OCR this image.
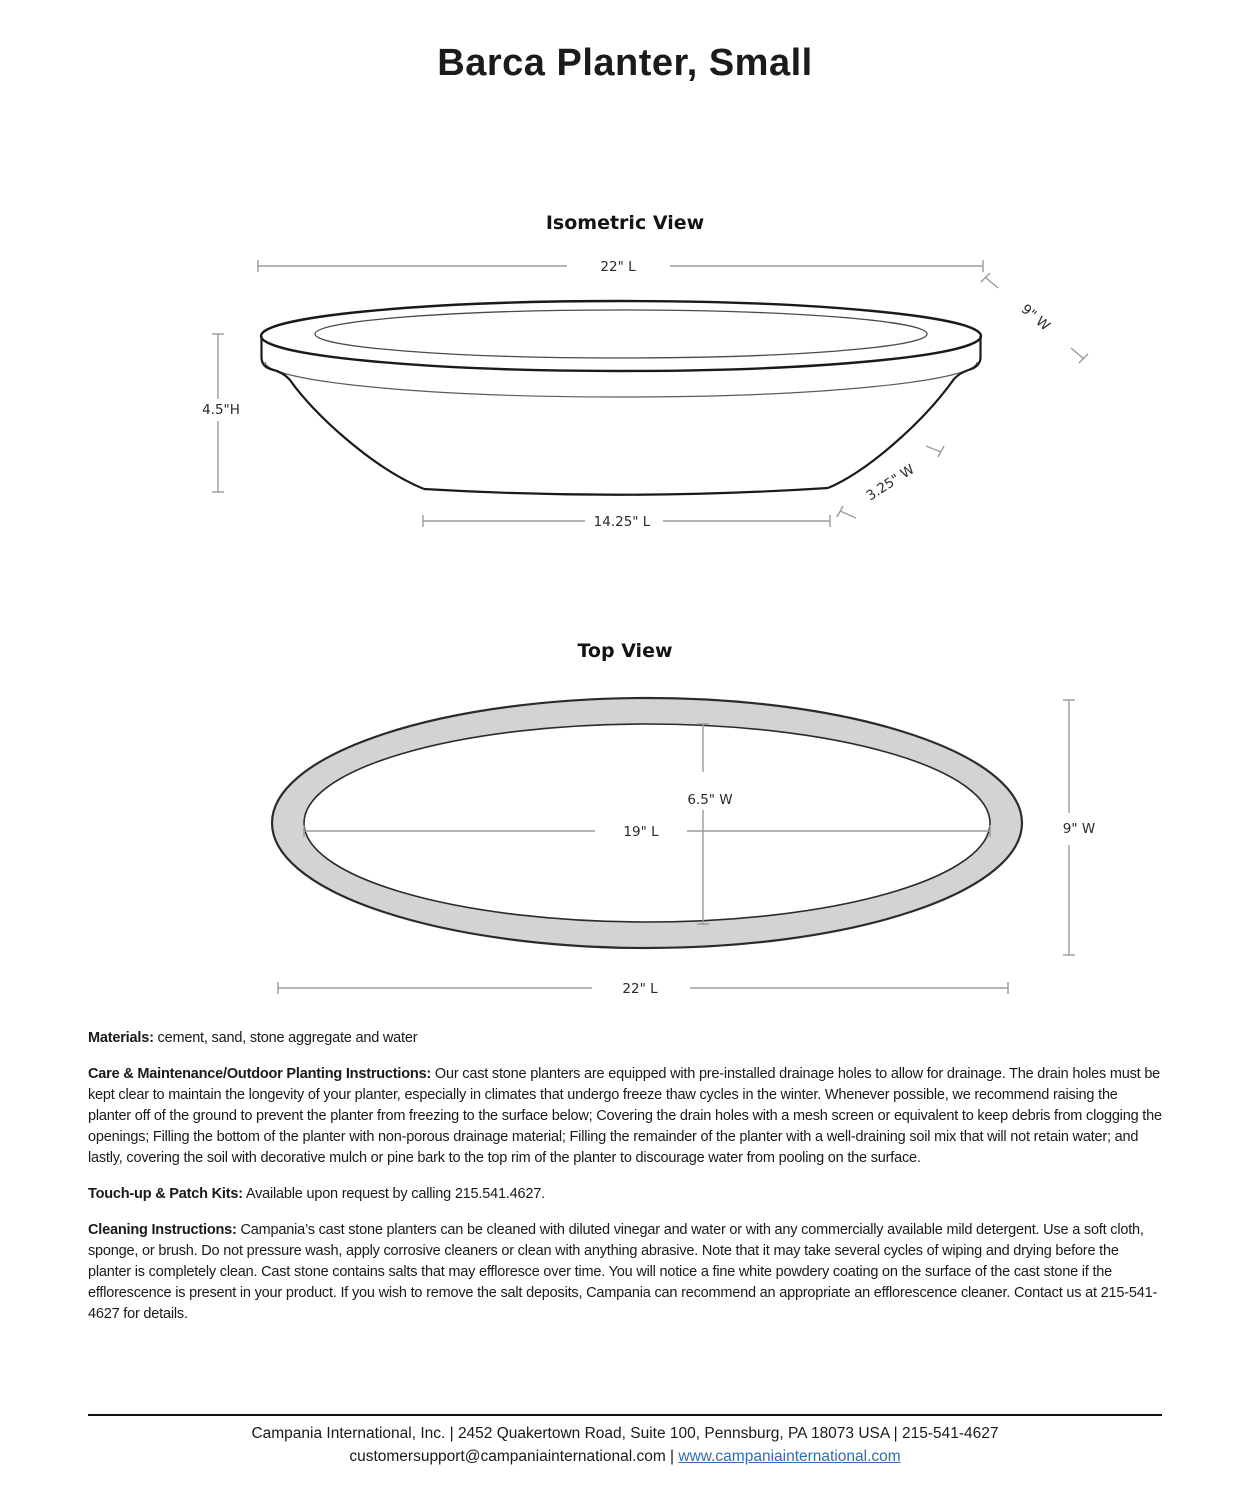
Barca Planter, Small
Isometric View
Top View
22" L
4.5"H
14.25" L
9" W
3.25" W
6.5" W
19" L	9" W
22" L

Materials: cement, sand, stone aggregate and water

Care & Maintenance/Outdoor Planting Instructions: Our cast stone planters are equipped with pre-installed drainage holes to allow for drainage. The drain holes must be kept clear to maintain the longevity of your planter, especially in climates that undergo freeze thaw cycles in the winter. Whenever possible, we recommend raising the planter off of the ground to prevent the planter from freezing to the surface below; Covering the drain holes with a mesh screen or equivalent to keep debris from clogging the openings; Filling the bottom of the planter with non-porous drainage material; Filling the remainder of the planter with a well-draining soil mix that will not retain water; and lastly, covering the soil with decorative mulch or pine bark to the top rim of the planter to discourage water from pooling on the surface.

Touch-up & Patch Kits: Available upon request by calling 215.541.4627.

Cleaning Instructions: Campania’s cast stone planters can be cleaned with diluted vinegar and water or with any commercially available mild detergent. Use a soft cloth, sponge, or brush. Do not pressure wash, apply corrosive cleaners or clean with anything abrasive. Note that it may take several cycles of wiping and drying before the planter is completely clean. Cast stone contains salts that may effloresce over time. You will notice a fine white powdery coating on the surface of the cast stone if the efflorescence is present in your product. If you wish to remove the salt deposits, Campania can recommend an appropriate an efflorescence cleaner. Contact us at 215-541-4627 for details.

Campania International, Inc. | 2452 Quakertown Road, Suite 100, Pennsburg, PA 18073 USA | 215-541-4627
customersupport@campaniainternational.com | www.campaniainternational.com
